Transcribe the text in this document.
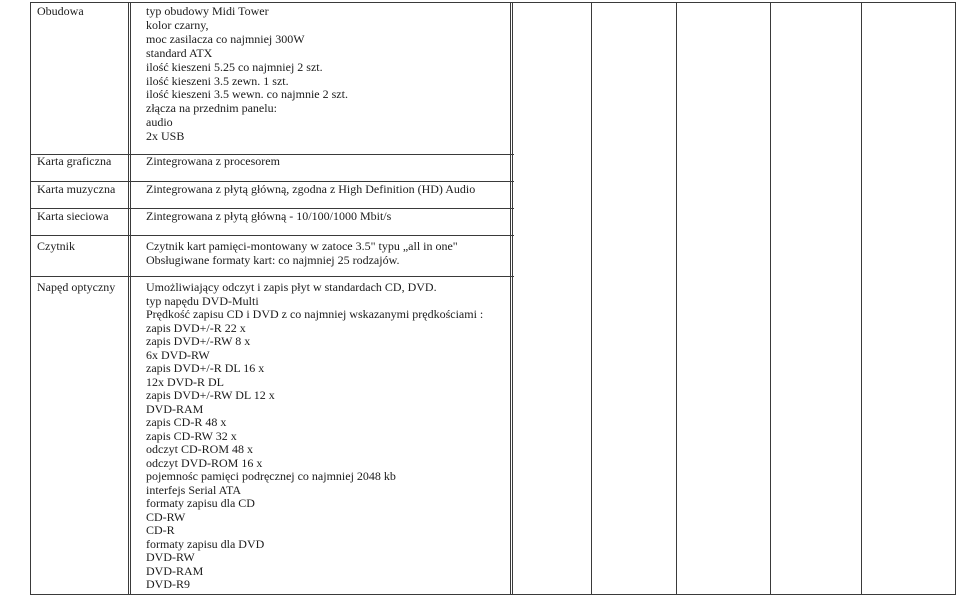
Obudowa	typ obudowy Midi Tower
kolor czarny,
moc zasilacza co najmniej 300W
standard ATX
ilość kieszeni 5.25 co najmniej 2 szt.
ilość kieszeni 3.5 zewn. 1 szt.
ilość kieszeni 3.5 wewn. co najmnie 2 szt.
złącza na przednim panelu:
audio
2x USB
Karta graficzna	Zintegrowana z procesorem
Karta muzyczna	Zintegrowana z płytą główną, zgodna z High Definition (HD) Audio
Karta sieciowa	Zintegrowana z płytą główną - 10/100/1000 Mbit/s
Czytnik	Czytnik kart pamięci-montowany w zatoce 3.5" typu „all in one"
Obsługiwane formaty kart: co najmniej 25 rodzajów.
Napęd optyczny	Umożliwiający odczyt i zapis płyt w standardach CD, DVD.
typ napędu DVD-Multi
Prędkość zapisu CD i DVD z co najmniej wskazanymi prędkościami :
zapis DVD+/-R 22 x
zapis DVD+/-RW 8 x
6x DVD-RW
zapis DVD+/-R DL 16 x
12x DVD-R DL
zapis DVD+/-RW DL 12 x
DVD-RAM
zapis CD-R 48 x
zapis CD-RW 32 x
odczyt CD-ROM 48 x
odczyt DVD-ROM 16 x
pojemnośc pamięci podręcznej co najmniej 2048 kb
interfejs Serial ATA
formaty zapisu dla CD
CD-RW
CD-R
formaty zapisu dla DVD
DVD-RW
DVD-RAM
DVD-R9
